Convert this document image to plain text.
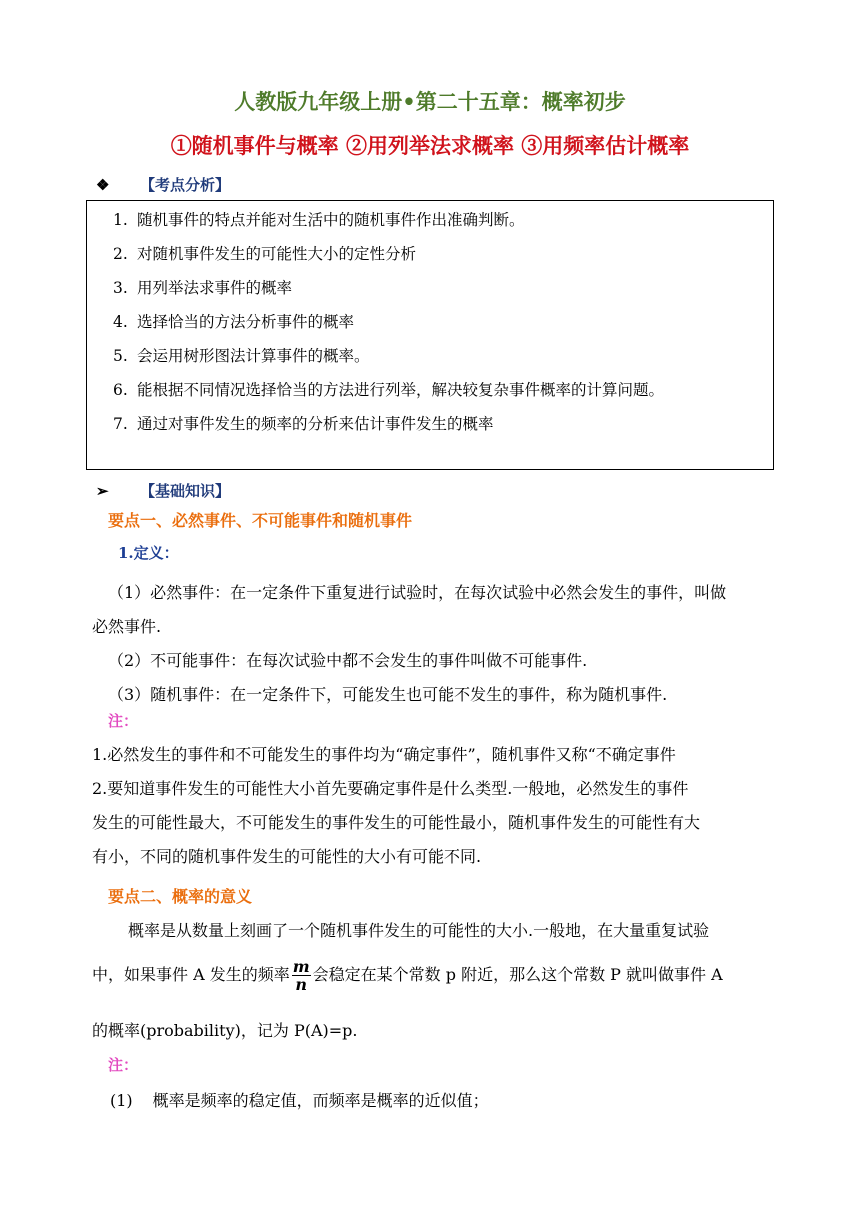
人教版九年级上册•第二十五章：概率初步
①随机事件与概率 ②用列举法求概率 ③用频率估计概率
❖ 【考点分析】
1. 随机事件的特点并能对生活中的随机事件作出准确判断。
2. 对随机事件发生的可能性大小的定性分析
3. 用列举法求事件的概率
4. 选择恰当的方法分析事件的概率
5. 会运用树形图法计算事件的概率。
6. 能根据不同情况选择恰当的方法进行列举，解决较复杂事件概率的计算问题。
7. 通过对事件发生的频率的分析来估计事件发生的概率
➢ 【基础知识】
要点一、必然事件、不可能事件和随机事件
1.定义：
（1）必然事件：在一定条件下重复进行试验时，在每次试验中必然会发生的事件，叫做
必然事件.
（2）不可能事件：在每次试验中都不会发生的事件叫做不可能事件.
（3）随机事件：在一定条件下，可能发生也可能不发生的事件，称为随机事件.
注：
1.必然发生的事件和不可能发生的事件均为“确定事件”，随机事件又称“不确定事件
2.要知道事件发生的可能性大小首先要确定事件是什么类型.一般地，必然发生的事件
发生的可能性最大，不可能发生的事件发生的可能性最小，随机事件发生的可能性有大
有小，不同的随机事件发生的可能性的大小有可能不同.
要点二、概率的意义
概率是从数量上刻画了一个随机事件发生的可能性的大小.一般地，在大量重复试验
中，如果事件 A 发生的频率 $\frac{m}{n}$ 会稳定在某个常数 p 附近，那么这个常数 P 就叫做事件 A
的概率(probability)，记为 P(A)=p.
注：
(1) 概率是频率的稳定值，而频率是概率的近似值；
